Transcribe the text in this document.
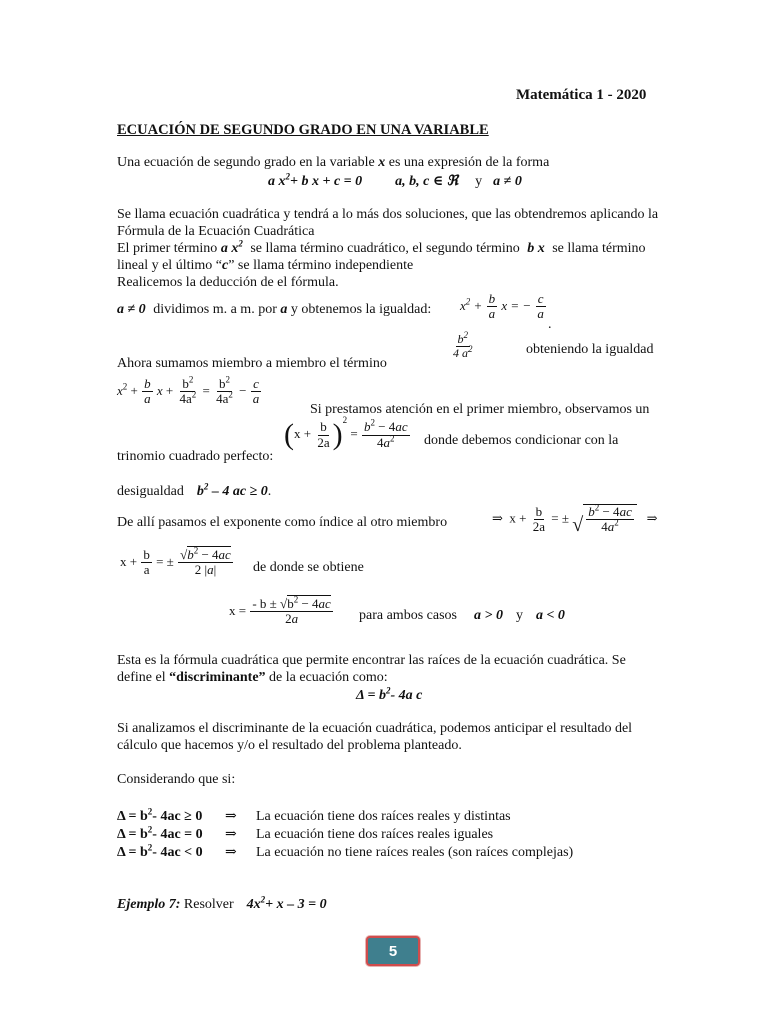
Matemática 1 - 2020
ECUACIÓN DE SEGUNDO GRADO EN UNA VARIABLE
Una ecuación de segundo grado en la variable x es una expresión de la forma
a $x^2+ b$ x + c = 0 a, b, c ∈ ℜ y a ≠ 0
Se llama ecuación cuadrática y tendrá a lo más dos soluciones, que las obtendremos aplicando la
Fórmula de la Ecuación Cuadrática
El primer término a $x^2$ se llama término cuadrático, el segundo término b x se llama término
lineal y el último “c” se llama término independiente
Realicemos la deducción de el fórmula.
a ≠ 0 dividimos m. a m. por a y obtenemos la igualdad: $x^2 + \frac{b}{a}$ x = − $\frac{c}{a}$
.
Ahora sumamos miembro a miembro el término
$\frac{b^2}{4 a^2}$	obteniendo la igualdad
$x^2 + \frac{b}{a}$ $x + \frac{b^2}{4a^2} = \frac{b^2}{4a^2} - \frac{c}{a}$
Si prestamos atención en el primer miembro, observamos un
trinomio cuadrado perfecto:
$(x + \frac{b}{2a} )^2 = \frac{b^2 - 4ac}{4a^2}$ donde debemos condicionar con la
desigualdad $b^2 - 4$ ac ≥ 0.
De allí pasamos el exponente como índice al otro miembro	⇒  $x + \frac{b}{2a}$ = ± √ $\frac{b^2 - 4ac}{4a^2}$ ⇒
$x + \frac{b}{a}$ = ± $\frac{√b^2 - 4ac}{2 |a|}$ de donde se obtiene
$x = \frac{- b \pm √b^2 - 4ac}{2a}$ para ambos casos a > 0 y a < 0
Esta es la fórmula cuadrática que permite encontrar las raíces de la ecuación cuadrática. Se
define el “discriminante” de la ecuación como:
$\Delta = b^2-$ 4a c
Si analizamos el discriminante de la ecuación cuadrática, podemos anticipar el resultado del
cálculo que hacemos y/o el resultado del problema planteado.
Considerando que si:
$\Delta = b^2-$ 4ac ≥ 0 ⇒ La ecuación tiene dos raíces reales y distintas
$\Delta = b^2-$ 4ac = 0 ⇒ La ecuación tiene dos raíces reales iguales
$\Delta = b^2-$ 4ac < 0 ⇒ La ecuación no tiene raíces reales (son raíces complejas)
Ejemplo 7: Resolver $4x^2+ x - 3 = 0$
5
